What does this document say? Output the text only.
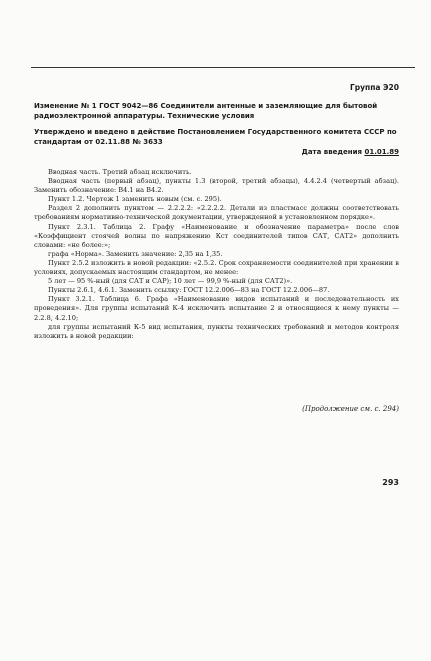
Группа Э20
Изменение № 1 ГОСТ 9042—86 Соединители антенные и заземляющие для бытовой радиоэлектронной аппаратуры. Технические условия
Утверждено и введено в действие Постановлением Государственного комитета СССР по стандартам от 02.11.88 № 3633
Дата введения 01.01.89

Вводная часть. Третий абзац исключить.

Вводная часть (первый абзац), пункты 1.3 (второй, третий абзацы), 4.4.2.4 (четвертый абзац). Заменить обозначение: В4.1 на В4.2.

Пункт 1.2. Чертеж 1 заменить новым (см. с. 295).

Раздел 2 дополнить пунктом — 2.2.2.2: «2.2.2.2. Детали из пластмасс должны соответствовать требованиям нормативно-технической документации, утвержденной в установленном порядке».

Пункт 2.3.1. Таблица 2. Графу «Наименование и обозначение параметра» после слов «Коэффициент стоячей волны по напряжению Кст соединителей типов САТ, САТ2» дополнить словами: «не более:»;

графа «Норма». Заменить значение: 2,35 на 1,35.

Пункт 2.5.2 изложить в новой редакции: «2.5.2. Срок сохраняемости соединителей при хранении в условиях, допускаемых настоящим стандартом, не менее:

5 лет — 95 %-ный (для САТ и САР); 10 лет — 99,9 %-ный (для САТ2)».

Пункты 2.6.1, 4.6.1. Заменить ссылку: ГОСТ 12.2.006—83 на ГОСТ 12.2.006—87.

Пункт 3.2.1. Таблица 6. Графа «Наименование видов испытаний и последовательность их проведения». Для группы испытаний К-4 исключить испытание 2 и относящиеся к нему пункты — 2.2.8, 4.2.10;

для группы испытаний К-5 вид испытания, пункты технических требований и методов контроля изложить в новой редакции:

(Продолжение см. с. 294)
293
